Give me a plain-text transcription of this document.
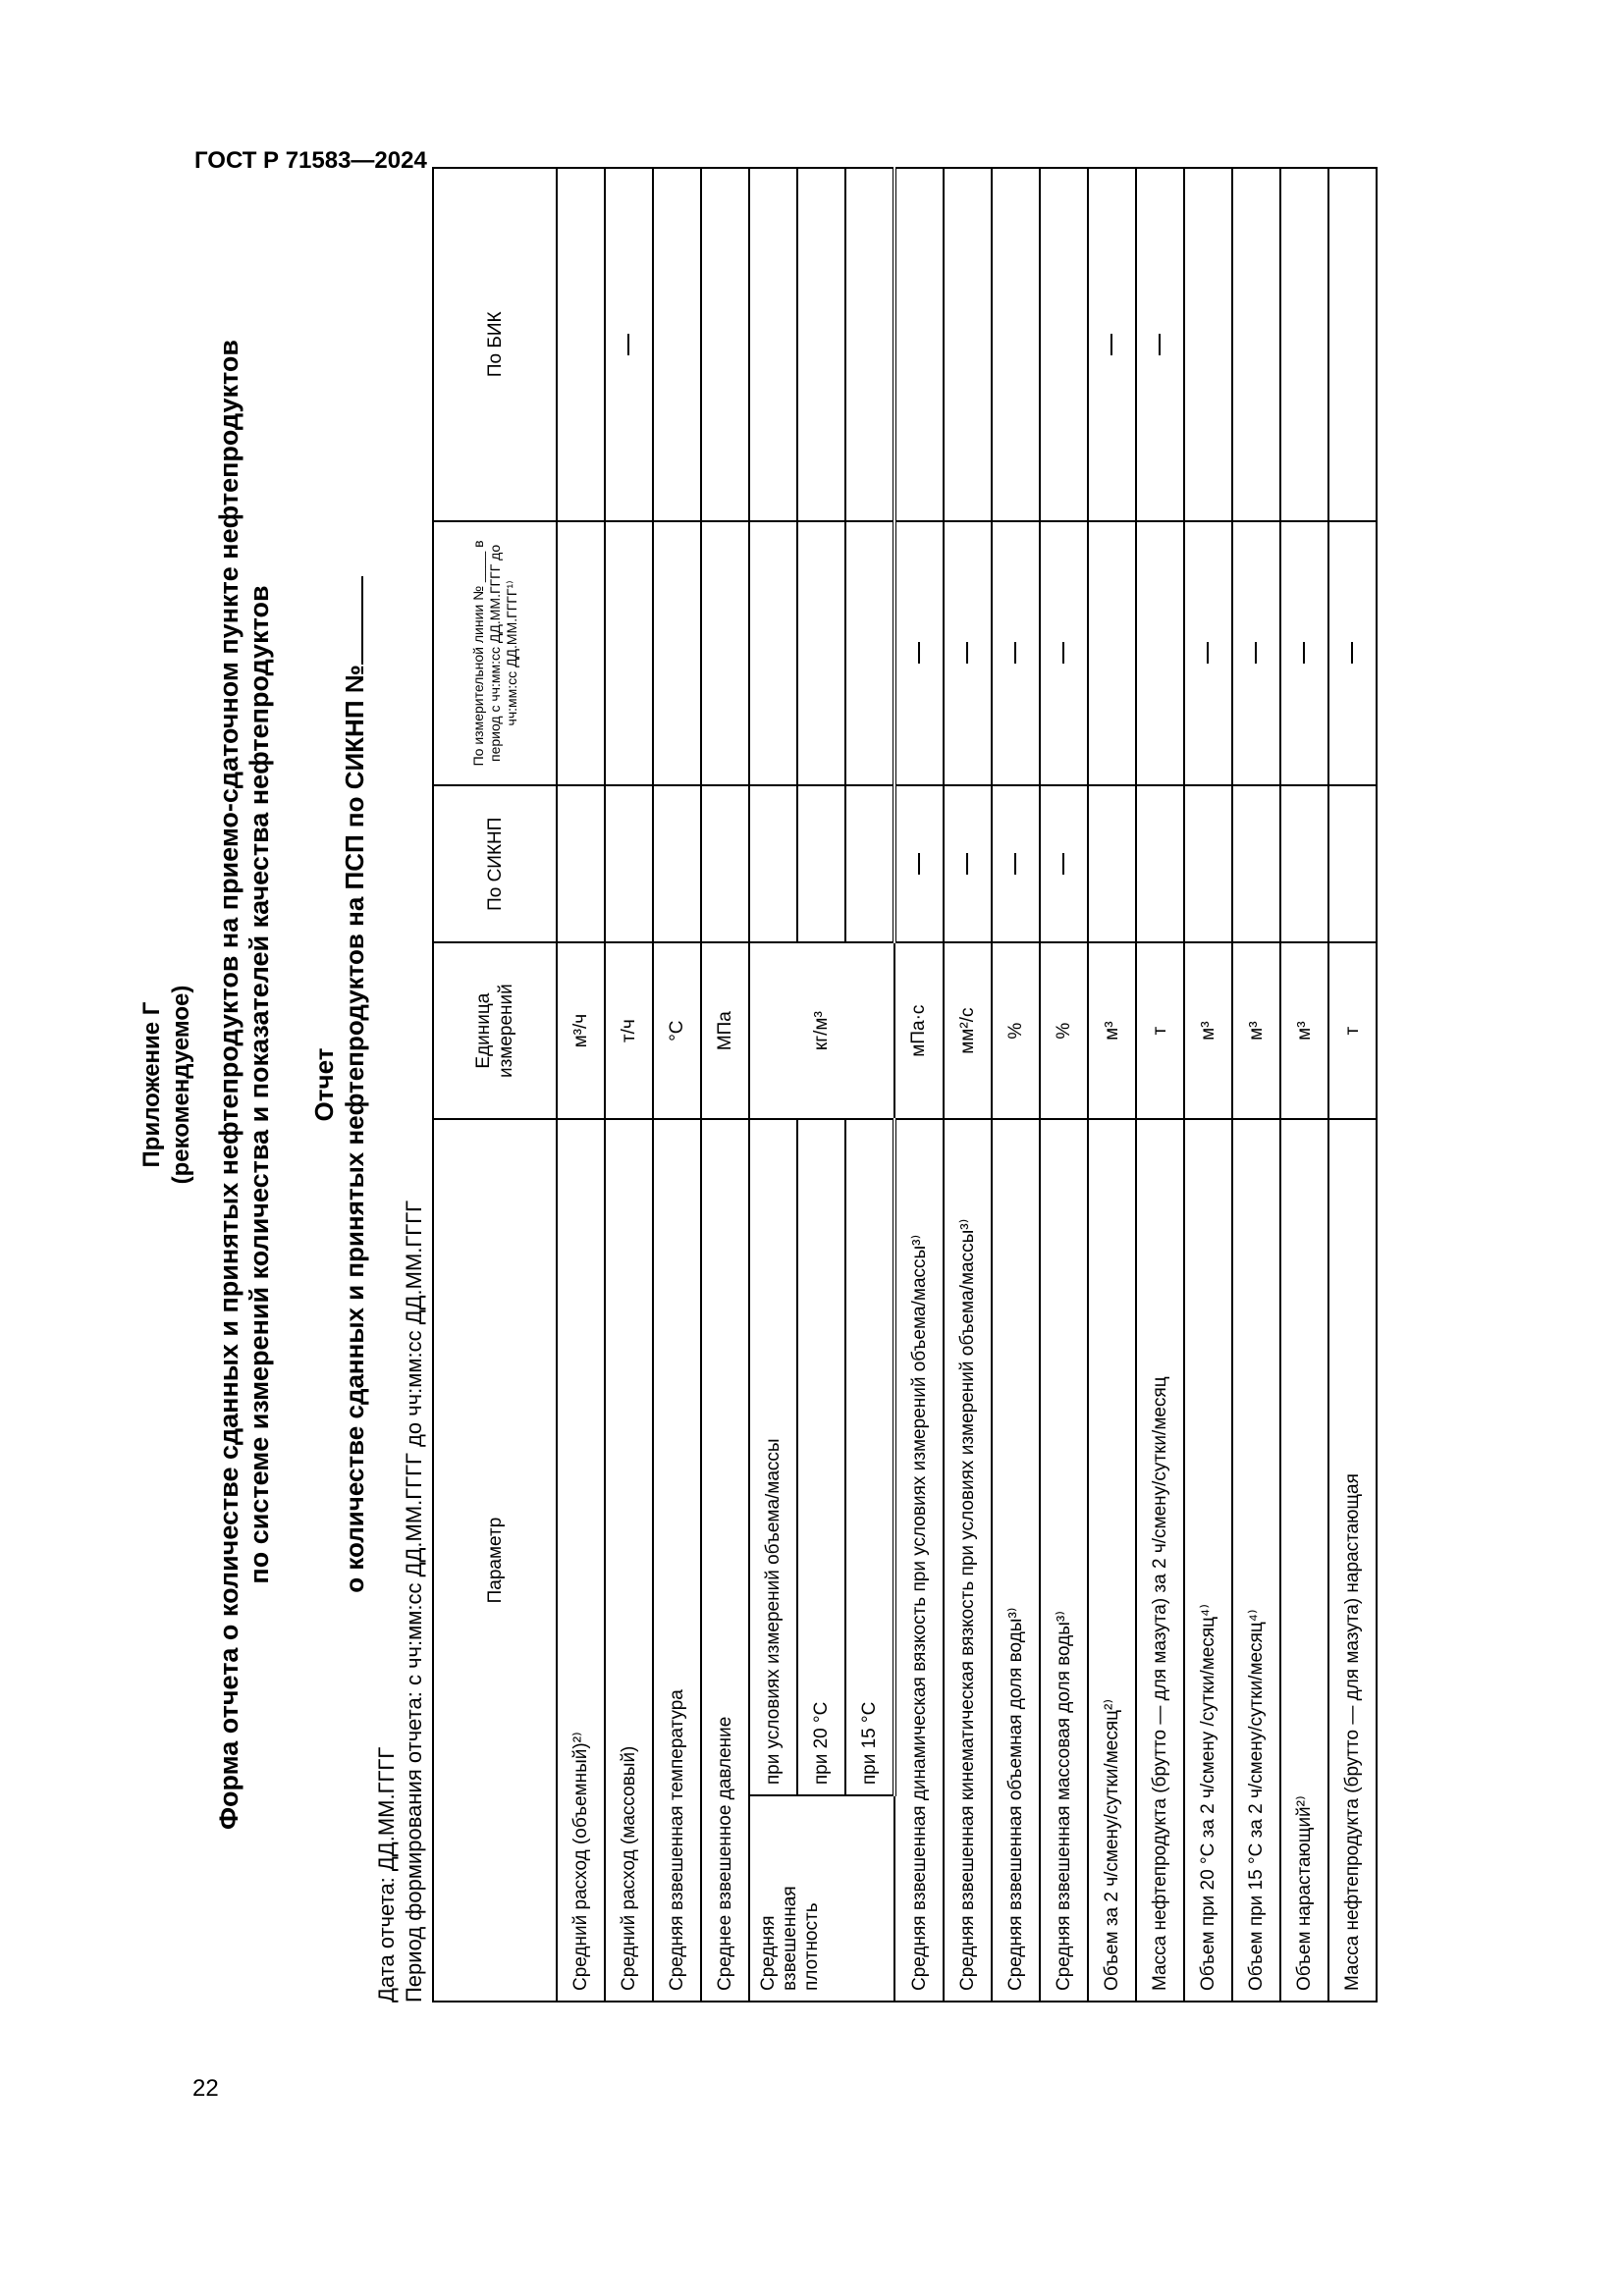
ГОСТ Р 71583—2024
22
Приложение Г (рекомендуемое) Форма отчета о количестве сданных и принятых нефтепродуктов на приемо-сдаточном пункте нефтепродуктов по системе измерений количества и показателей качества нефтепродуктов Отчет о количестве сданных и принятых нефтепродуктов на ПСП по СИКНП №
Дата отчета: ДД.ММ.ГГГГ Период формирования отчета: с чч:мм:сс ДД.ММ.ГГГГ до чч:мм:сс ДД.ММ.ГГГГ	Параметр		Единица измерений	По СИКНП	По измерительной линии № ____ в период с чч:мм:сс ДД.ММ.ГГГГ до чч:мм:сс ДД.ММ.ГГГГ¹⁾	По БИК
Средний расход (объемный)²⁾		м³/ч			
Средний расход (массовый)		т/ч			
Средняя взвешенная температура		°С			
Среднее взвешенное давление		МПа			
Средняя взвешенная плотность	при условиях измерений объема/массы	кг/м³			
	при 20 °С				
	при 15 °С				
Средняя взвешенная динамическая вязкость при условиях измерений объема/массы³⁾		мПа·с			
Средняя взвешенная кинематическая вязкость при условиях измерений объема/массы³⁾		мм²/с			
Средняя взвешенная объемная доля воды³⁾		%			
Средняя взвешенная массовая доля воды³⁾		%			
Объем за 2 ч/смену/сутки/месяц²⁾		м³			
Масса нефтепродукта (брутто — для мазута) за 2 ч/смену/сутки/месяц		т			
Объем при 20 °С за 2 ч/смену /сутки/месяц⁴⁾		м³			
Объем при 15 °С за 2 ч/смену/сутки/месяц⁴⁾		м³			
Объем нарастающий²⁾		м³			
Масса нефтепродукта (брутто — для мазута) нарастающая		т			
